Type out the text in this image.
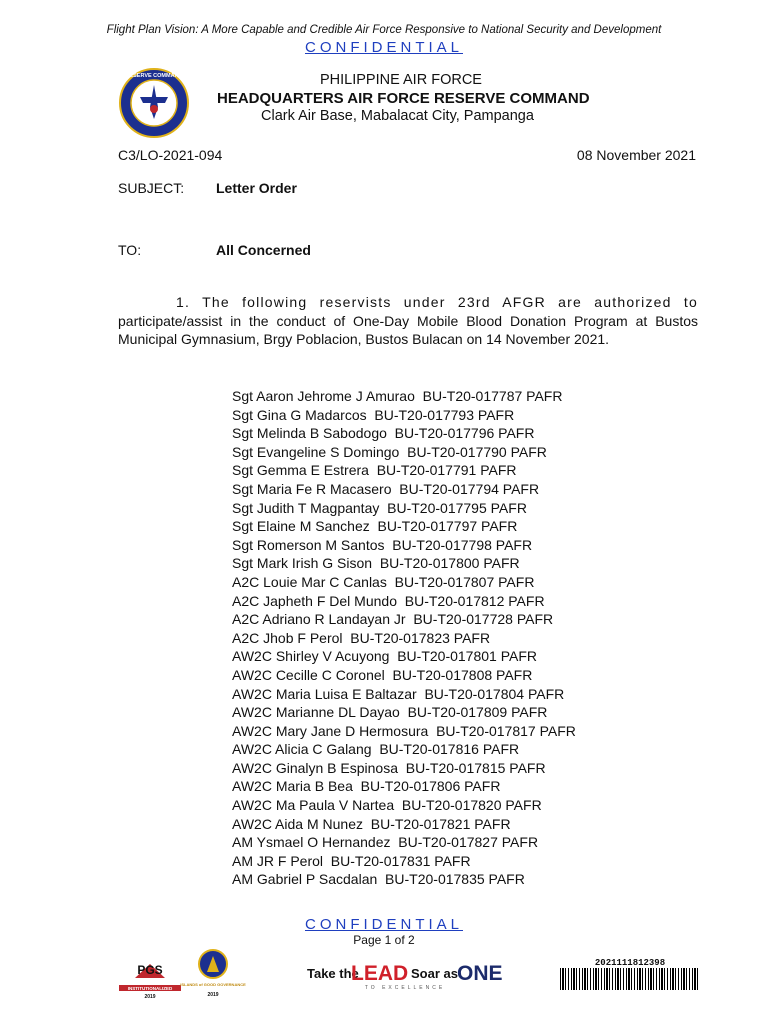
Flight Plan Vision: A More Capable and Credible Air Force Responsive to National Security and Development
CONFIDENTIAL
RESERVE COMMAND	PHILIPPINE AIR FORCE
HEADQUARTERS AIR FORCE RESERVE COMMAND
Clark Air Base, Mabalacat City, Pampanga
C3/LO-2021-094	08 November 2021
SUBJECT: Letter Order
TO:	All Concerned
1. The following reservists under 23rd AFGR are authorized to participate/assist in the conduct of One-Day Mobile Blood Donation Program at Bustos Municipal Gymnasium, Brgy Poblacion, Bustos Bulacan on 14 November 2021.
Sgt Aaron Jehrome J Amurao  BU-T20-017787 PAFR
Sgt Gina G Madarcos  BU-T20-017793 PAFR
Sgt Melinda B Sabodogo  BU-T20-017796 PAFR
Sgt Evangeline S Domingo  BU-T20-017790 PAFR
Sgt Gemma E Estrera  BU-T20-017791 PAFR
Sgt Maria Fe R Macasero  BU-T20-017794 PAFR
Sgt Judith T Magpantay  BU-T20-017795 PAFR
Sgt Elaine M Sanchez  BU-T20-017797 PAFR
Sgt Romerson M Santos  BU-T20-017798 PAFR
Sgt Mark Irish G Sison  BU-T20-017800 PAFR
A2C Louie Mar C Canlas  BU-T20-017807 PAFR
A2C Japheth F Del Mundo  BU-T20-017812 PAFR
A2C Adriano R Landayan Jr  BU-T20-017728 PAFR
A2C Jhob F Perol  BU-T20-017823 PAFR
AW2C Shirley V Acuyong  BU-T20-017801 PAFR
AW2C Cecille C Coronel  BU-T20-017808 PAFR
AW2C Maria Luisa E Baltazar  BU-T20-017804 PAFR
AW2C Marianne DL Dayao  BU-T20-017809 PAFR
AW2C Mary Jane D Hermosura  BU-T20-017817 PAFR
AW2C Alicia C Galang  BU-T20-017816 PAFR
AW2C Ginalyn B Espinosa  BU-T20-017815 PAFR
AW2C Maria B Bea  BU-T20-017806 PAFR
AW2C Ma Paula V Nartea  BU-T20-017820 PAFR
AW2C Aida M Nunez  BU-T20-017821 PAFR
AM Ysmael O Hernandez  BU-T20-017827 PAFR
AM JR F Perol  BU-T20-017831 PAFR
AM Gabriel P Sacdalan  BU-T20-017835 PAFR
CONFIDENTIAL
Page 1 of 2
PGS
INSTITUTIONALIZED
2019
ISLANDS of GOOD GOVERNANCE
2019
Take the
LEAD Soar as ONE
TO EXCELLENCE
2021111812398
